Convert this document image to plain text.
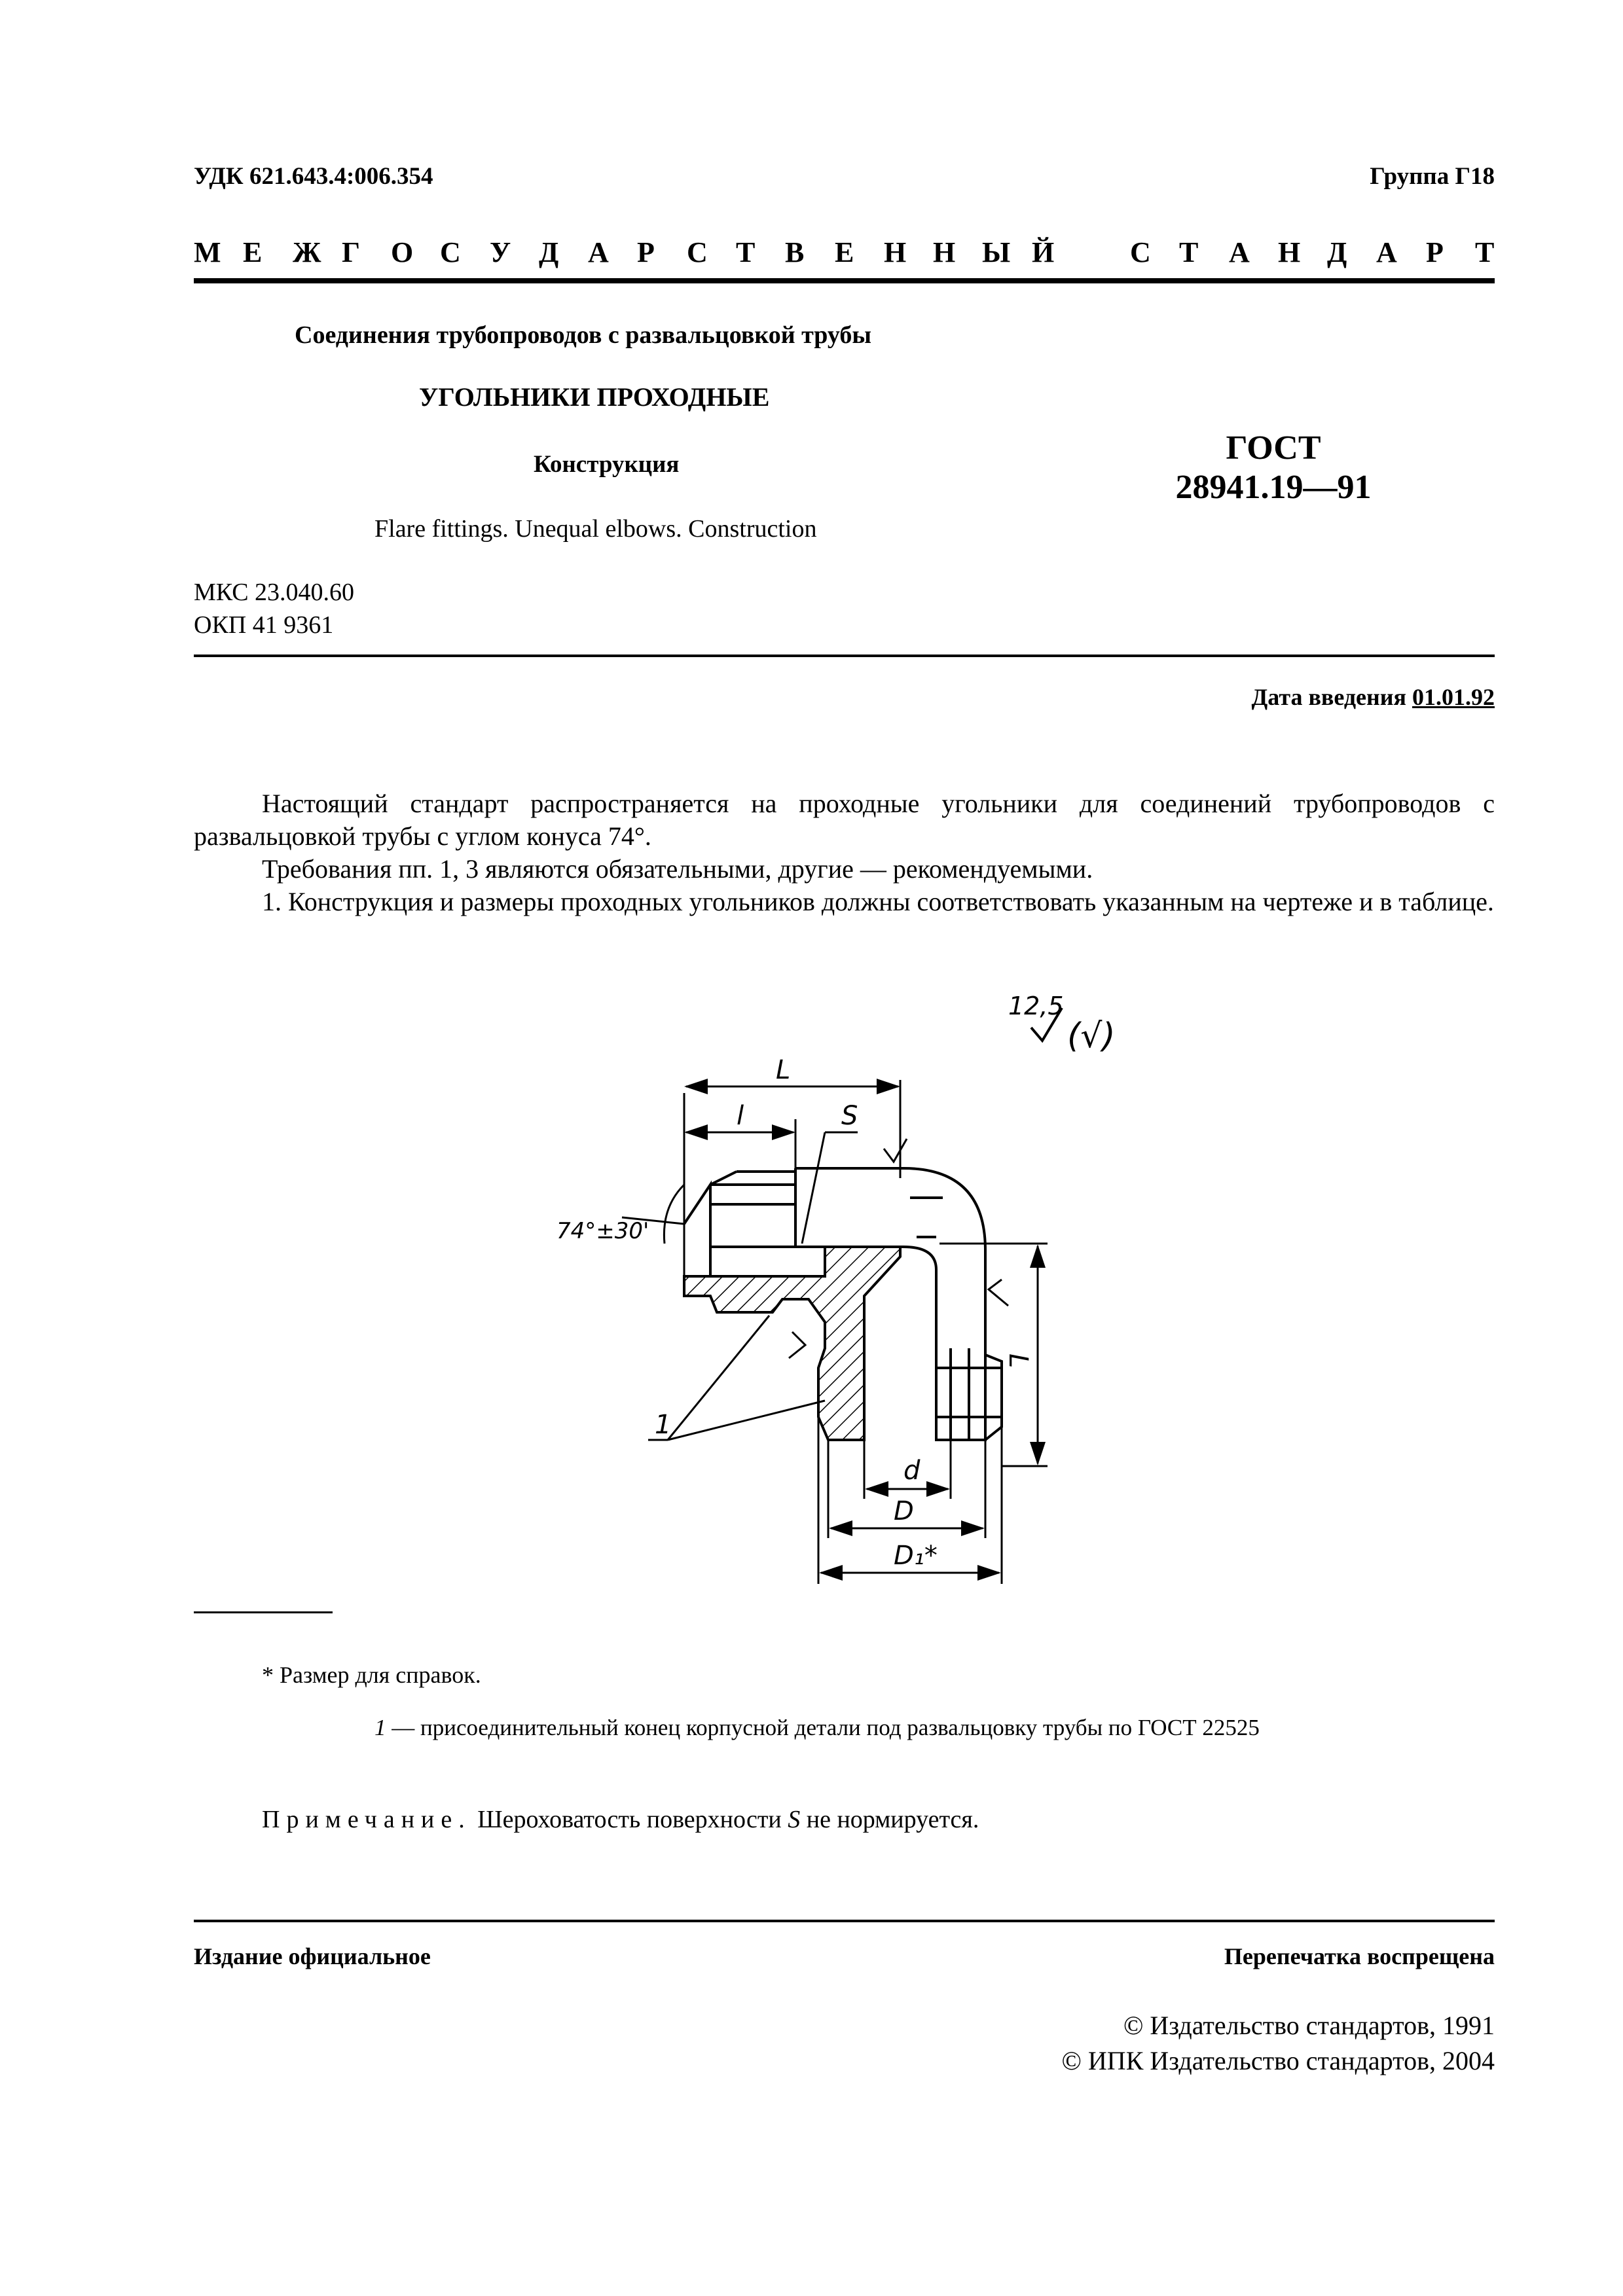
УДК 621.643.4:006.354	Группа Г18
М Е Ж Г О С У Д А Р С Т В Е Н Н Ы Й	С Т А Н Д А Р Т
Соединения трубопроводов с развальцовкой трубы
УГОЛЬНИКИ ПРОХОДНЫЕ
Конструкция
Flare fittings. Unequal elbows. Construction
ГОСТ
28941.19—91
МКС 23.040.60
ОКП 41 9361
Дата введения 01.01.92
Настоящий стандарт распространяется на проходные угольники для соединений трубопроводов с развальцовкой трубы с углом конуса 74°.
Требования пп. 1, 3 являются обязательными, другие — рекомендуемыми.
1. Конструкция и размеры проходных угольников должны соответствовать указанным на чертеже и в таблице.
12,5
(√)
L
l	S
74°±30'
L
d
D
D₁*
1
* Размер для справок.
1 — присоединительный конец корпусной детали под развальцовку трубы по ГОСТ 22525
Примечание. Шероховатость поверхности S не нормируется.
Издание официальное	Перепечатка воспрещена
© Издательство стандартов, 1991
© ИПК Издательство стандартов, 2004
